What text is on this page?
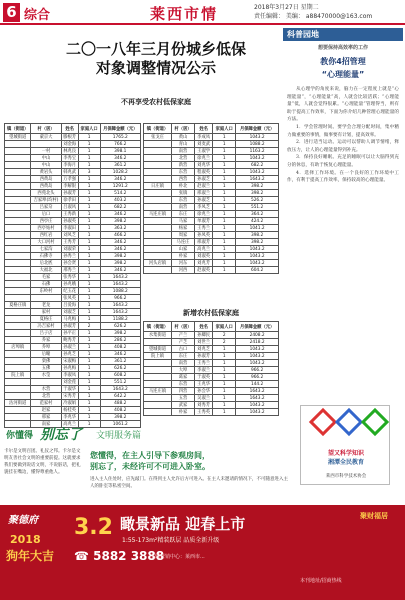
6 综合	莱西市情	2018年3月27日 星期二
责任编辑： 美编： a88470000@163.com
二〇一八年三月份城乡低保
对象调整情况公示
不再享受农村低保家庭
镇（街道）	村（居）	姓名	家庭人口	月保障金额（元）
望城街道	蒙京大	滕根芳	1	1765.2
		刘金海	1	766.2
	一村	林兆良	1	398.1
	中山	李秀宝	1	346.2
	中山	李海月	1	361.2
	黄岩头	韩兆武	3	1028.2
	西黄岛	万孝强	1	346.2
	西黄岛	李解银	1	1291.2
	西苑北头	孙淑芳	1	514.2
	吉家埠(均村)	徐孝田	1	403.2
	吕家夼	吕淑风	1	682.2
	后口	王秀新	1	346.2
	西亭庄	孙淑英	1	398.2
	西亭姑村	李淑田	1	363.2
	西红岩	刘凤芝	1	466.2
	大口河村	王秀芳	1	346.2
	七家沟	刘淑荣	1	346.2
	石佛寺	孙秀兰	1	398.2
	后北底	孙会贤	1	398.2
	大福北	邢秀兰	1	346.2
	毛家	张秀华	1	1643.2
	石佛	孙兆娥	1	1643.2
	东岭村	纪玉花	1	1088.2
		张凤英	1	966.2
夏格庄镇	老龙	吕爱海	1	1643.2
	家村	刘淑芝	1	1643.2
	夏格庄	马兆梅	1	1188.2
	冯吉家村	孙淑芳	2	626.2
	吕子店	孙平正	1	398.2
	乔家	鲍秀芳	1	286.2
店埠镇	乔埠	孙淑兰	1	408.2
	后疃	孙兆芝	1	346.2
	栾佛	宋淑梅	1	361.2
	五佛	孙兆梅	1	626.2
院上镇	水莹	李淑凤	1	608.2
		刘金莲	1	551.2
	水营	于淑华	1	1643.2
	北营	宋秀芳	1	642.2
沽河街道	范家村	冷淑娟	1	488.2
	赵家	杨桂英	1	408.2
	邢家	李兆华	1	398.2
	南家	高兆兰	1	1061.2
镇（街道）	村（居）	姓名	家庭人口	月保障金额（元）
张戈庄	黄山	李成凤	1	1043.2
	青山	刘麦武	1	1088.2
	南营	王淑学	1	1163.2
	北营	徐兆兰	1	1043.2
	新营	刘兆华	1	682.2
	东营	程淑英	1	1043.2
	西营	孙淑芝	1	1643.2
日庄镇	朴北	赵淑兰	1	398.2
	张镇	邢淑兰	1	398.2
	东营	孙淑芝	1	526.2
	南营	李凤芝	1	551.2
马连庄镇	东庄	徐兆兰	1	364.2
	马家	单淑芳	1	424.2
	杨家	王秀兰	1	1041.2
	周家	孙凤英	1	398.2
	马连庄	邢淑芳	1	398.2
	山家	高兆兰	1	1043.2
	朴家	刘淑英	1	1043.2
河头店镇	河东	刘兆芳	1	1043.2
	河西	赵淑英	1	604.2
新增农村低保家庭
镇（街道）	村（居）	姓名	家庭人口	月保障金额（元）
水集街道	产兰	孙卿民	2	2408.2
	产芝	刘世兰	2	2418.2
望城街道	古口	刘兆芝	1	1043.2
院上镇	东庄	孙淑芳	1	1043.2
	南营	王秀兰	1	1043.2
	大埠	李淑兰	1	966.2
	葛家	于淑英	1	966.2
	东营	王兆华	1	144.2
马连庄镇	四营	孙会华	1	1643.2
	五营	吴淑兰	1	1643.2
	武家	刘秀芳	1	1043.2
	朴家	王秀英	1	1043.2
科普园地
想要保持高效率的工作
教你4招管理
“心理能量”

从心理学的角度来说，脑力在一定程度上就是“心理能量”，“心理能量”高，人就会比较活跃；“心理能量”低，人就会觉得很累。“心理能量”管理得当，则有助于提高工作效率，下面为你介绍几种管理心理能量的方法。

1．学会管理时间。要学会合理分配时间，集中精力做重要的事情，做事要有计划，提高效率。

2．进行适当运动。运动可以帮助人调节情绪，释放压力，让人的心理能量得到补充。

3．保持良好睡眠。充足的睡眠可以让大脑得到充分的休息，有助于恢复心理能量。

4．选择工作环境。在一个良好的工作环境中工作，有利于提高工作效率，保持较高的心理能量。

望又科学知识
湘潭全民教育
莱西市科学技术协会
你懂得 别忘了 文明服务篇
卡尔是文明百团。礼仪之邦。卡尔是文明友善社会文明的重要前提。这就要求我们要做到说话文明，不说脏话，把礼貌挂在嘴边，懂得尊重他人。
您懂得，在主人引导下参观房间，
别忘了，未经许可不可进入卧室。
进入主人住处时，应先敲门。在得到主人允许后方可进入。在主人未邀请的情况下，不可随意进入主人的卧室等私密空间。
聚德府 3.2 瞰景新品 迎春上市
1:55-173m²精装跃层 品质全新升级
2018
狗年大吉 ☎ 5882 3888
主题营销中心：莱西市...
聚财福居
本刊地址/招商热线
